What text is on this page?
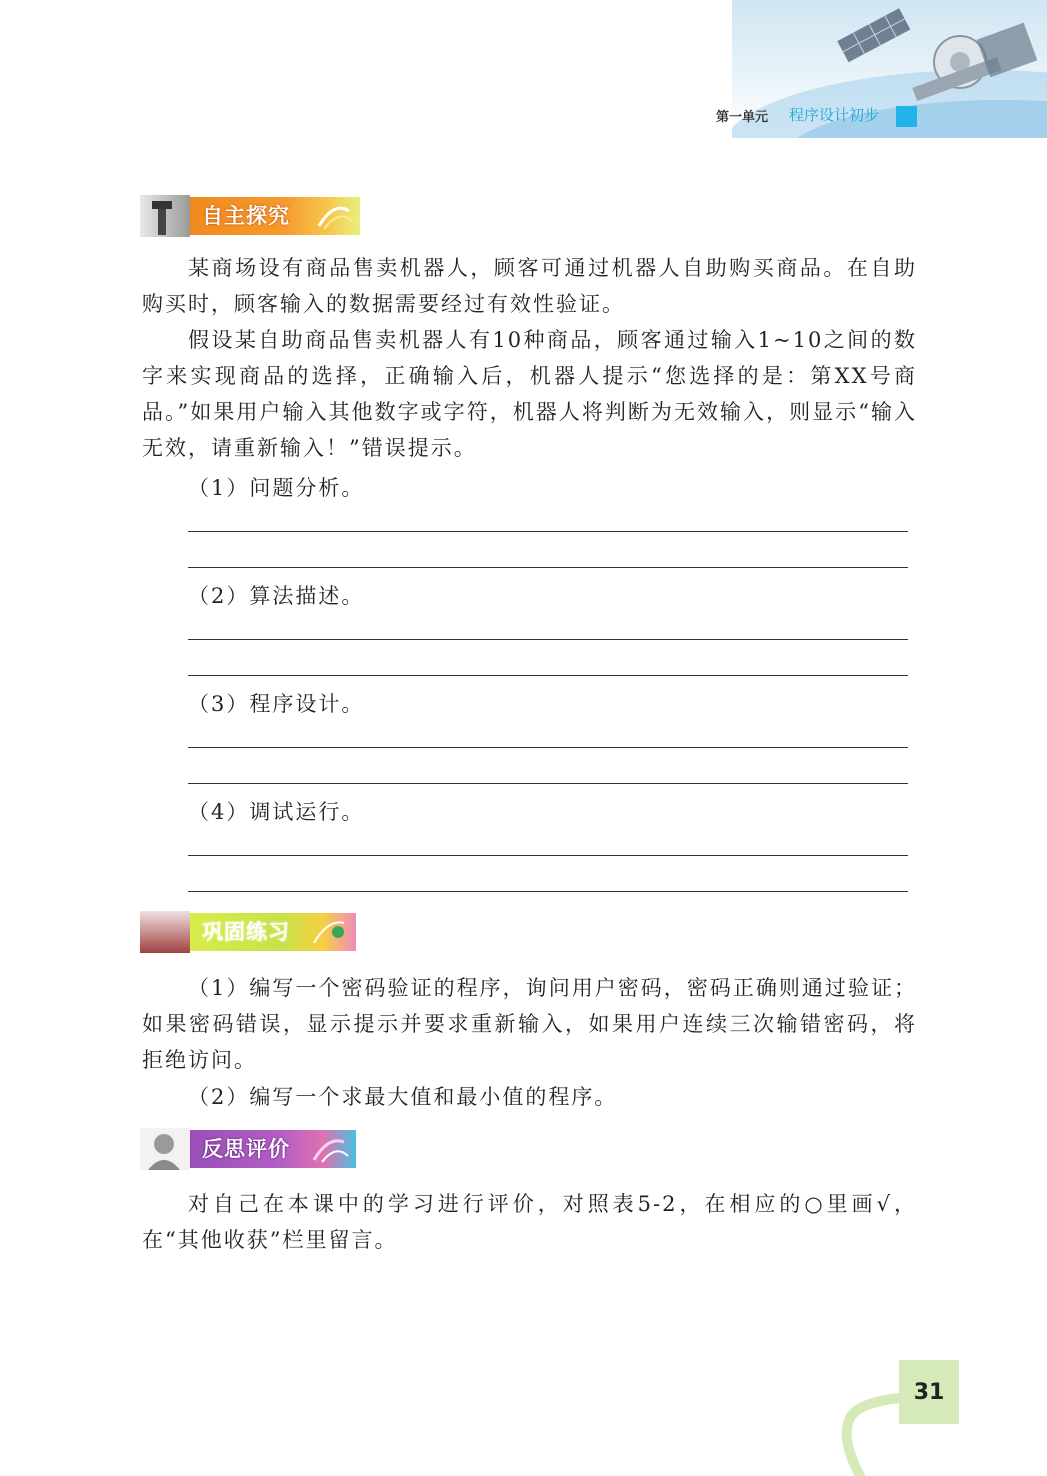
第一单元 程序设计初步
自主探究

某商场设有商品售卖机器人，顾客可通过机器人自助购买商品。在自助购买时，顾客输入的数据需要经过有效性验证。

假设某自助商品售卖机器人有10种商品，顾客通过输入1~10之间的数字来实现商品的选择，正确输入后，机器人提示“您选择的是：第XX号商品。”如果用户输入其他数字或字符，机器人将判断为无效输入，则显示“输入无效，请重新输入！”错误提示。

（1）问题分析。
（2）算法描述。
（3）程序设计。
（4）调试运行。
巩固练习

（1）编写一个密码验证的程序，询问用户密码，密码正确则通过验证；如果密码错误，显示提示并要求重新输入，如果用户连续三次输错密码，将拒绝访问。

（2）编写一个求最大值和最小值的程序。
反思评价

对自己在本课中的学习进行评价，对照表5-2，在相应的○里画√，在“其他收获”栏里留言。

31
